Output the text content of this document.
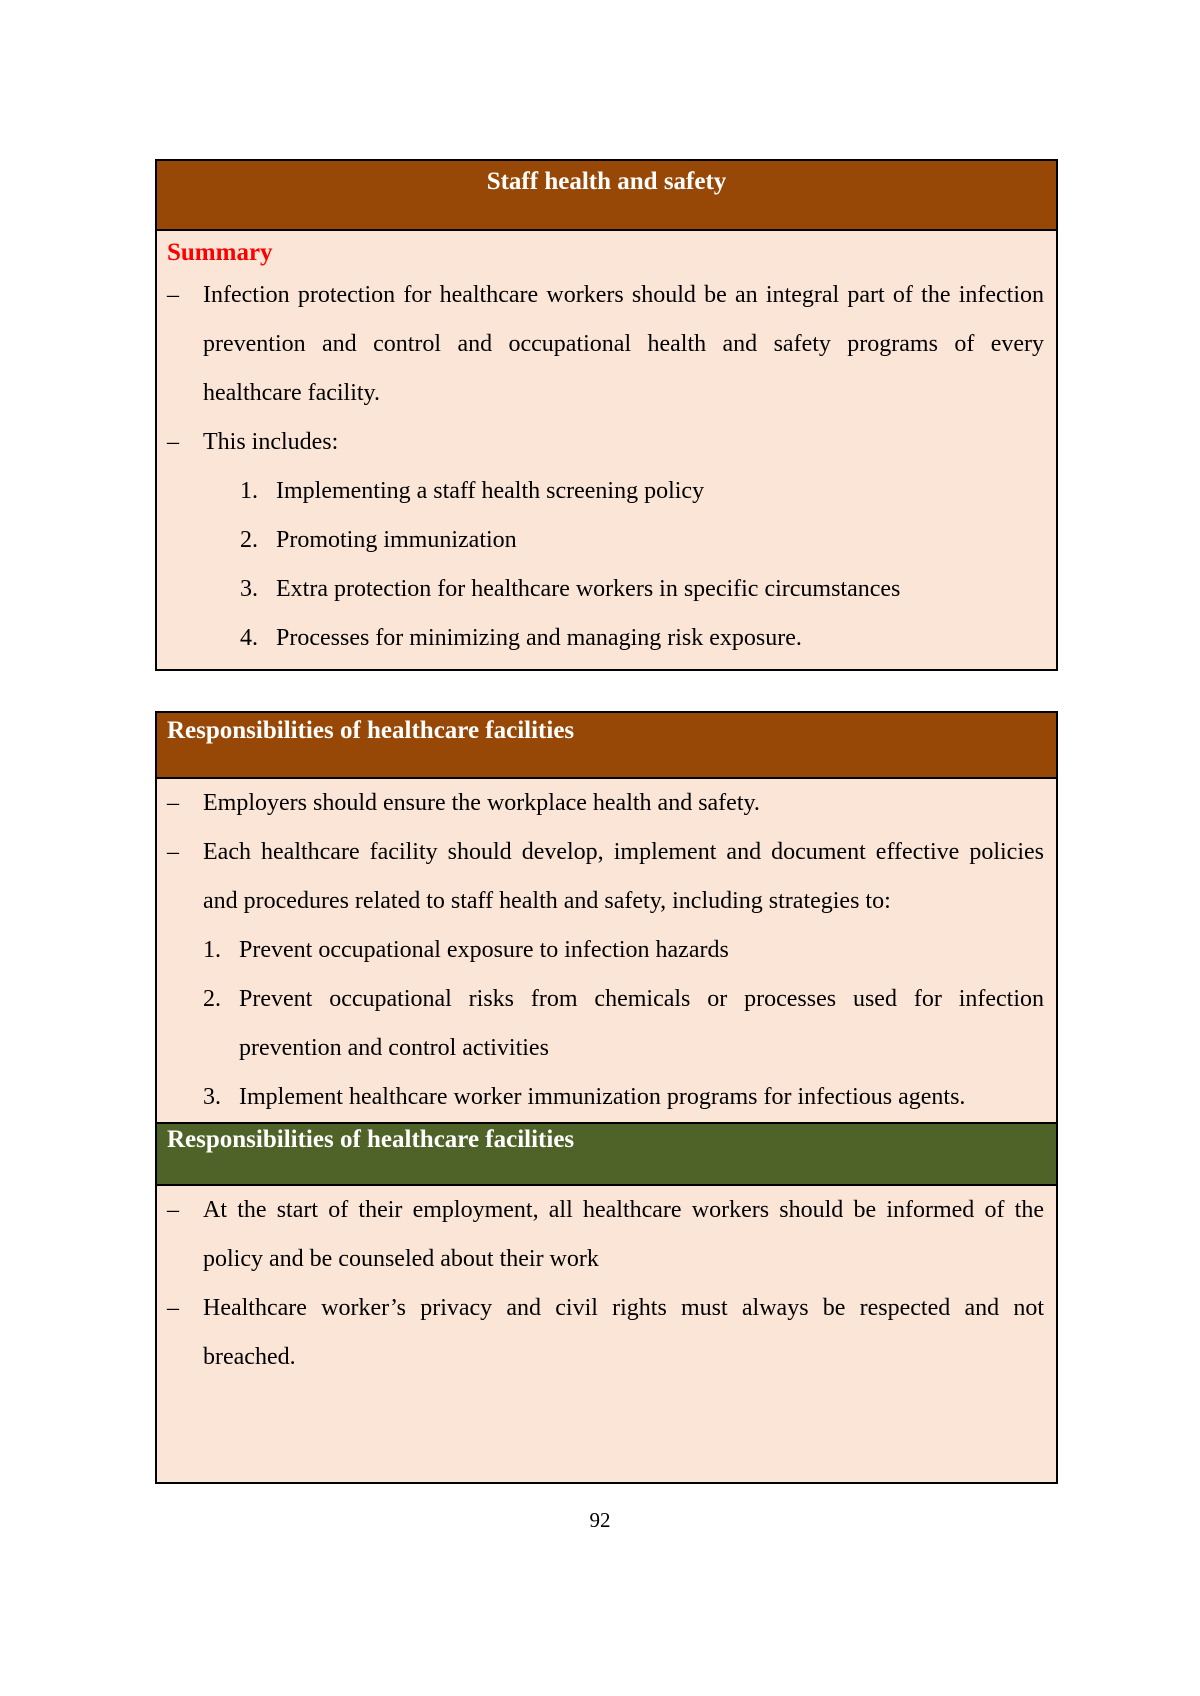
Staff health and safety
Summary
– Infection protection for healthcare workers should be an integral part of the infection prevention and control and occupational health and safety programs of every healthcare facility.
– This includes:
1. Implementing a staff health screening policy
2. Promoting immunization
3. Extra protection for healthcare workers in specific circumstances
4. Processes for minimizing and managing risk exposure.
Responsibilities of healthcare facilities
– Employers should ensure the workplace health and safety.
– Each healthcare facility should develop, implement and document effective policies and procedures related to staff health and safety, including strategies to:
1. Prevent occupational exposure to infection hazards
2. Prevent occupational risks from chemicals or processes used for infection prevention and control activities
3. Implement healthcare worker immunization programs for infectious agents.
Responsibilities of healthcare facilities
– At the start of their employment, all healthcare workers should be informed of the policy and be counseled about their work
– Healthcare worker’s privacy and civil rights must always be respected and not breached.
92
